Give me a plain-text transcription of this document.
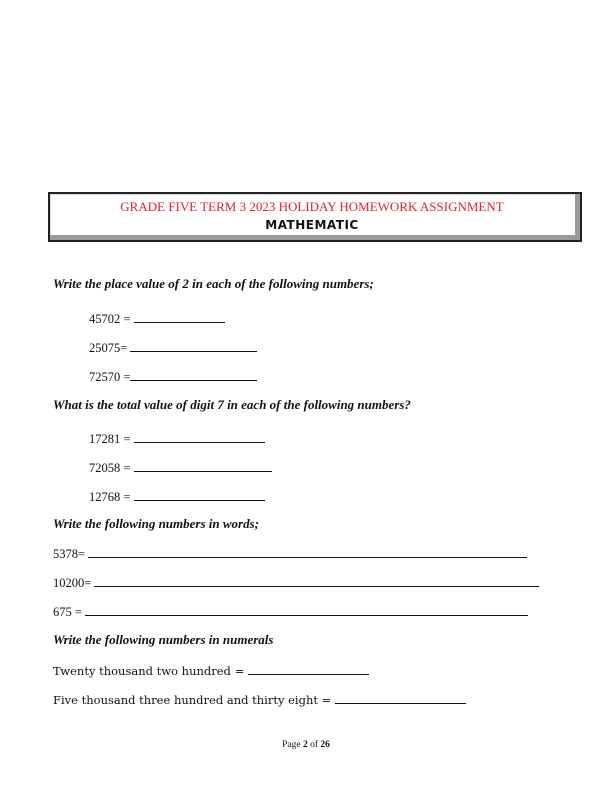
GRADE FIVE TERM 3 2023 HOLIDAY HOMEWORK ASSIGNMENT
MATHEMATIC
Write the place value of 2 in each of the following numbers;
45702 =
25075=
72570 =
What is the total value of digit 7 in each of the following numbers?
17281 =
72058 =
12768 =
Write the following numbers in words;
5378=
10200=
675 =
Write the following numbers in numerals
Twenty thousand two hundred =
Five thousand three hundred and thirty eight =
Page 2 of 26
